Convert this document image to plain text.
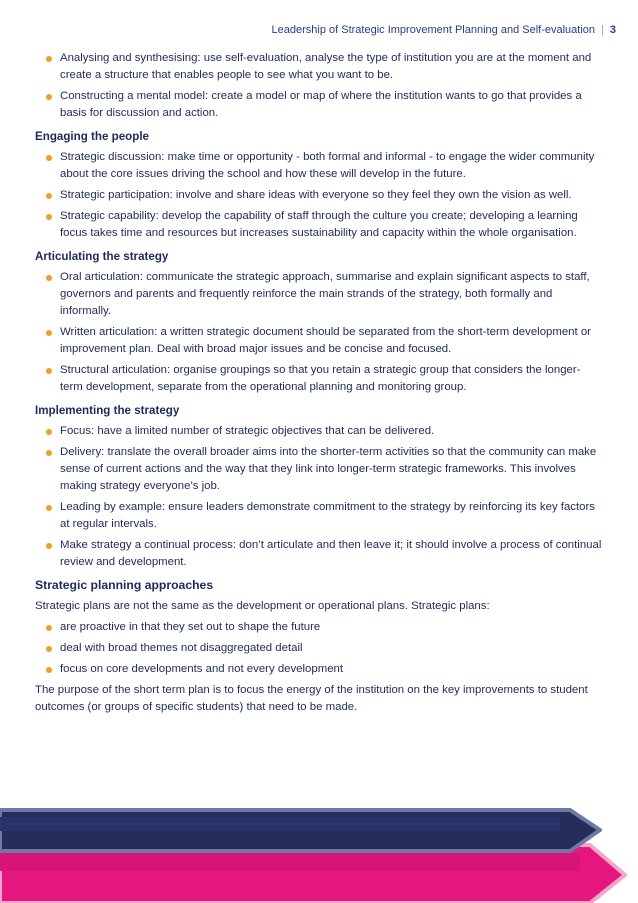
Leadership of Strategic Improvement Planning and Self-evaluation | 3
Analysing and synthesising: use self-evaluation, analyse the type of institution you are at the moment and create a structure that enables people to see what you want to be.
Constructing a mental model: create a model or map of where the institution wants to go that provides a basis for discussion and action.
Engaging the people
Strategic discussion: make time or opportunity - both formal and informal - to engage the wider community about the core issues driving the school and how these will develop in the future.
Strategic participation: involve and share ideas with everyone so they feel they own the vision as well.
Strategic capability: develop the capability of staff through the culture you create; developing a learning focus takes time and resources but increases sustainability and capacity within the whole organisation.
Articulating the strategy
Oral articulation: communicate the strategic approach, summarise and explain significant aspects to staff, governors and parents and frequently reinforce the main strands of the strategy, both formally and informally.
Written articulation: a written strategic document should be separated from the short-term development or improvement plan. Deal with broad major issues and be concise and focused.
Structural articulation: organise groupings so that you retain a strategic group that considers the longer-term development, separate from the operational planning and monitoring group.
Implementing the strategy
Focus: have a limited number of strategic objectives that can be delivered.
Delivery: translate the overall broader aims into the shorter-term activities so that the community can make sense of current actions and the way that they link into longer-term strategic frameworks. This involves making strategy everyone’s job.
Leading by example: ensure leaders demonstrate commitment to the strategy by reinforcing its key factors at regular intervals.
Make strategy a continual process: don’t articulate and then leave it; it should involve a process of continual review and development.
Strategic planning approaches

Strategic plans are not the same as the development or operational plans. Strategic plans:

are proactive in that they set out to shape the future
deal with broad themes not disaggregated detail
focus on core developments and not every development

The purpose of the short term plan is to focus the energy of the institution on the key improvements to student outcomes (or groups of specific students) that need to be made.
